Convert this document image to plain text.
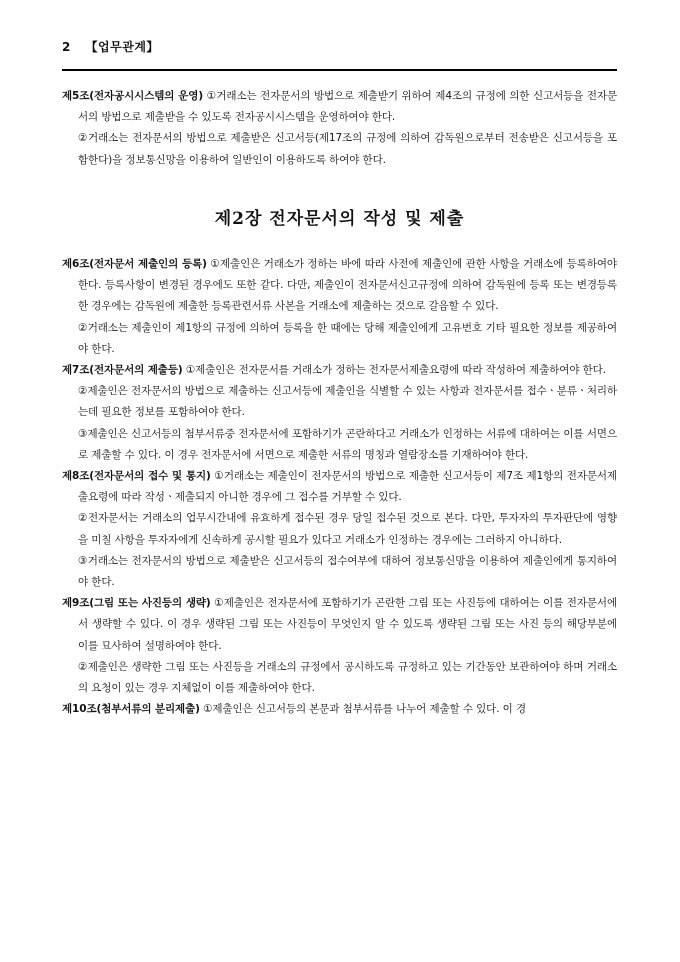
2 【업무관계】

제5조(전자공시시스템의 운영) ①거래소는 전자문서의 방법으로 제출받기 위하여 제4조의 규정에 의한 신고서등을 전자문서의 방법으로 제출받을 수 있도록 전자공시시스템을 운영하여야 한다.

②거래소는 전자문서의 방법으로 제출받은 신고서등(제17조의 규정에 의하여 감독원으로부터 전송받은 신고서등을 포함한다)을 정보통신망을 이용하여 일반인이 이용하도록 하여야 한다.

제2장 전자문서의 작성 및 제출

제6조(전자문서 제출인의 등록) ①제출인은 거래소가 정하는 바에 따라 사전에 제출인에 관한 사항을 거래소에 등록하여야 한다. 등록사항이 변경된 경우에도 또한 같다. 다만, 제출인이 전자문서신고규정에 의하여 감독원에 등록 또는 변경등록한 경우에는 감독원에 제출한 등록관련서류 사본을 거래소에 제출하는 것으로 갈음할 수 있다.

②거래소는 제출인이 제1항의 규정에 의하여 등록을 한 때에는 당해 제출인에게 고유번호 기타 필요한 정보를 제공하여야 한다.

제7조(전자문서의 제출등) ①제출인은 전자문서를 거래소가 정하는 전자문서제출요령에 따라 작성하여 제출하여야 한다.

②제출인은 전자문서의 방법으로 제출하는 신고서등에 제출인을 식별할 수 있는 사항과 전자문서를 접수ㆍ분류ㆍ처리하는데 필요한 정보를 포함하여야 한다.

③제출인은 신고서등의 첨부서류중 전자문서에 포함하기가 곤란하다고 거래소가 인정하는 서류에 대하여는 이를 서면으로 제출할 수 있다. 이 경우 전자문서에 서면으로 제출한 서류의 명칭과 열람장소를 기재하여야 한다.

제8조(전자문서의 접수 및 통지) ①거래소는 제출인이 전자문서의 방법으로 제출한 신고서등이 제7조 제1항의 전자문서제출요령에 따라 작성ㆍ제출되지 아니한 경우에 그 접수를 거부할 수 있다.

②전자문서는 거래소의 업무시간내에 유효하게 접수된 경우 당일 접수된 것으로 본다. 다만, 투자자의 투자판단에 영향을 미칠 사항을 투자자에게 신속하게 공시할 필요가 있다고 거래소가 인정하는 경우에는 그러하지 아니하다.

③거래소는 전자문서의 방법으로 제출받은 신고서등의 접수여부에 대하여 정보통신망을 이용하여 제출인에게 통지하여야 한다.

제9조(그림 또는 사진등의 생략) ①제출인은 전자문서에 포함하기가 곤란한 그림 또는 사진등에 대하여는 이를 전자문서에서 생략할 수 있다. 이 경우 생략된 그림 또는 사진등이 무엇인지 알 수 있도록 생략된 그림 또는 사진 등의 해당부분에 이를 묘사하여 설명하여야 한다.

②제출인은 생략한 그림 또는 사진등을 거래소의 규정에서 공시하도록 규정하고 있는 기간동안 보관하여야 하며 거래소의 요청이 있는 경우 지체없이 이를 제출하여야 한다.

제10조(첨부서류의 분리제출) ①제출인은 신고서등의 본문과 첨부서류를 나누어 제출할 수 있다. 이 경
